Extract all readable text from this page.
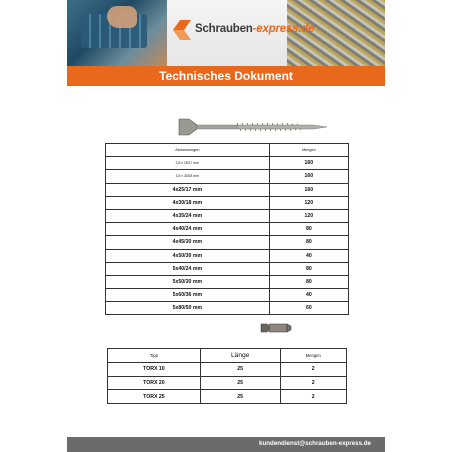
Schrauben-express.de
Technisches Dokument
Abmessungen	Mengen
3,5 x 25/17 mm	160
3,5 x 30/18 mm	160
4x25/17 mm	160
4x30/18 mm	120
4x35/24 mm	120
4x40/24 mm	80
4x45/30 mm	80
4x50/30 mm	40
5x40/24 mm	80
5x50/30 mm	80
5x60/36 mm	40
5x80/50 mm	60
Tipp	Länge	Mengen
TORX 10	25	2
TORX 20	25	2
TORX 25	25	2
kundendienst@schrauben-express.de
